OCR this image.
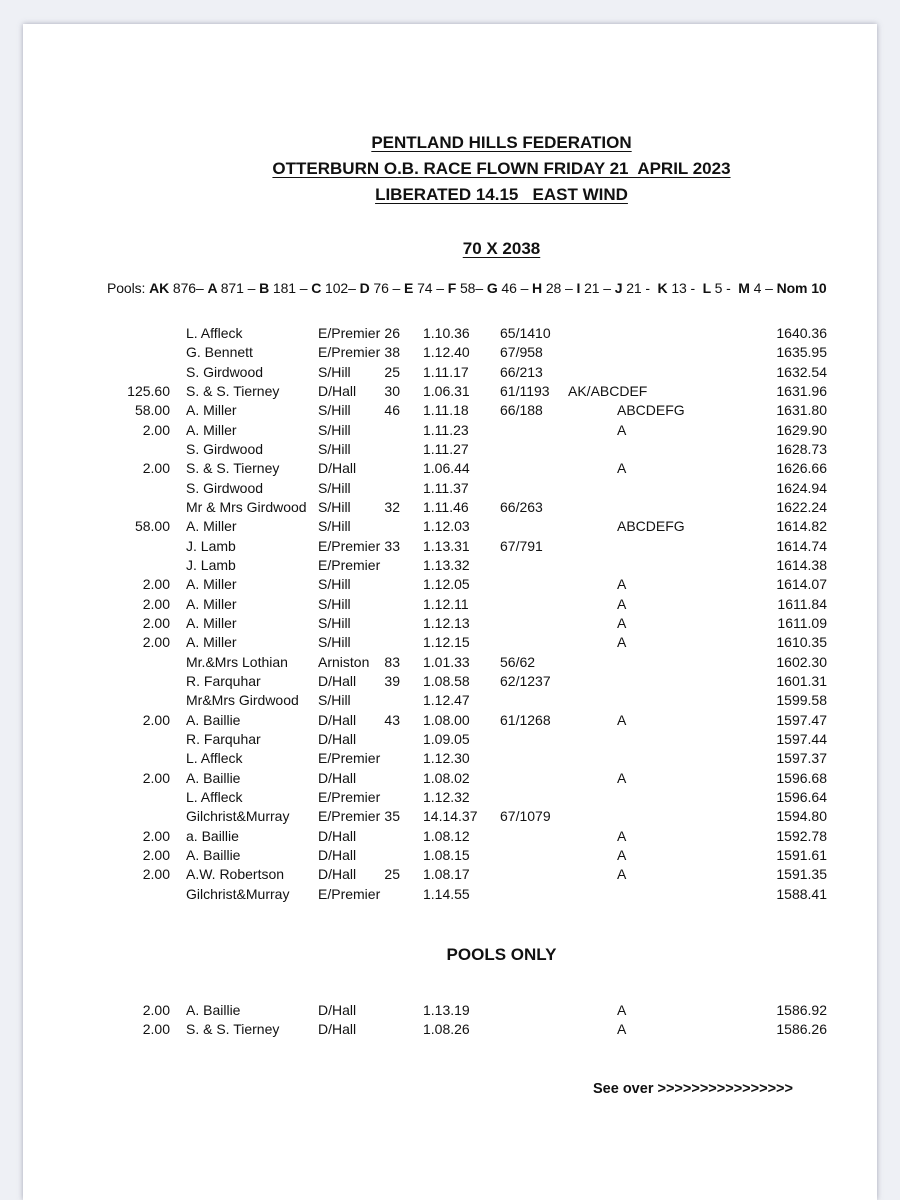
PENTLAND HILLS FEDERATION
OTTERBURN O.B. RACE FLOWN FRIDAY 21  APRIL 2023
LIBERATED 14.15   EAST WIND
70 X 2038
Pools: AK 876– A 871 – B 181 – C 102– D 76 – E 74 – F 58– G 46 – H 28 – I 21 – J 21 -  K 13 -  L 5 -  M 4 – Nom 10
L. Affleck	E/Premier 26	1.10.36	65/1410	1640.36
G. Bennett	E/Premier 38	1.12.40	67/958	1635.95
S. Girdwood	S/Hill	25	1.11.17	66/213	1632.54
125.60	S. & S. Tierney	D/Hall	30	1.06.31	61/1193	AK/ABCDEF	1631.96
58.00	A. Miller	S/Hill	46	1.11.18	66/188	ABCDEFG	1631.80
2.00	A. Miller	S/Hill	1.11.23	A	1629.90
S. Girdwood	S/Hill	1.11.27	1628.73
2.00	S. & S. Tierney	D/Hall	1.06.44	A	1626.66
S. Girdwood	S/Hill	1.11.37	1624.94
Mr & Mrs Girdwood S/Hill	32	1.11.46	66/263	1622.24
58.00	A. Miller	S/Hill	1.12.03	ABCDEFG	1614.82
J. Lamb	E/Premier 33	1.13.31	67/791	1614.74
J. Lamb	E/Premier	1.13.32	1614.38
2.00	A. Miller	S/Hill	1.12.05	A	1614.07
2.00	A. Miller	S/Hill	1.12.11	A	1611.84
2.00	A. Miller	S/Hill	1.12.13	A	1611.09
2.00	A. Miller	S/Hill	1.12.15	A	1610.35
Mr.&Mrs Lothian	Arniston	83	1.01.33	56/62	1602.30
R. Farquhar	D/Hall	39	1.08.58	62/1237	1601.31
Mr&Mrs Girdwood	S/Hill	1.12.47	1599.58
2.00	A. Baillie	D/Hall	43	1.08.00	61/1268	A	1597.47
R. Farquhar	D/Hall	1.09.05	1597.44
L. Affleck	E/Premier	1.12.30	1597.37
2.00	A. Baillie	D/Hall	1.08.02	A	1596.68
L. Affleck	E/Premier	1.12.32	1596.64
Gilchrist&Murray	E/Premier 35	14.14.37	67/1079	1594.80
2.00	a. Baillie	D/Hall	1.08.12	A	1592.78
2.00	A. Baillie	D/Hall	1.08.15	A	1591.61
2.00	A.W. Robertson	D/Hall	25	1.08.17	A	1591.35
Gilchrist&Murray	E/Premier	1.14.55	1588.41
POOLS ONLY
2.00	A. Baillie	D/Hall	1.13.19	A	1586.92
2.00	S. & S. Tierney	D/Hall	1.08.26	A	1586.26
See over >>>>>>>>>>>>>>>>
